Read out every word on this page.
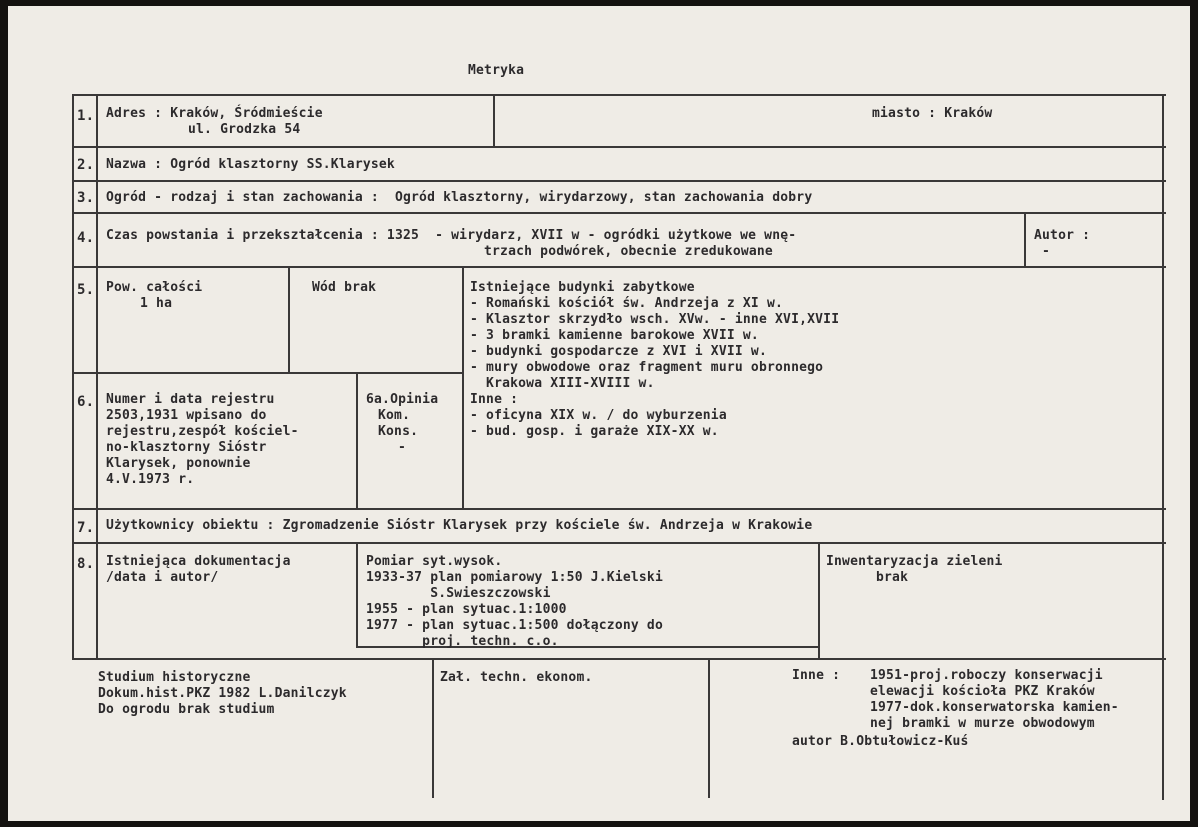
Metryka
1. Adres : Kraków, Śródmieście
ul. Grodzka 54
miasto : Kraków
2. Nazwa : Ogród klasztorny SS.Klarysek
3. Ogród - rodzaj i stan zachowania :  Ogród klasztorny, wirydarzowy, stan zachowania dobry
4. Czas powstania i przekształcenia : 1325  - wirydarz, XVII w - ogródki użytkowe we wnę-
trzach podwórek, obecnie zredukowane
Autor :
-
5. Pow. całości
1 ha
Wód brak	Istniejące budynki zabytkowe
- Romański kościół św. Andrzeja z XI w.
- Klasztor skrzydło wsch. XVw. - inne XVI,XVII
- 3 bramki kamienne barokowe XVII w.
- budynki gospodarcze z XVI i XVII w.
- mury obwodowe oraz fragment muru obronnego
Krakowa XIII-XVIII w.
Inne :
- oficyna XIX w. / do wyburzenia
- bud. gosp. i garaże XIX-XX w.
6. Numer i data rejestru
2503,1931 wpisano do
rejestru,zespół kościel-
no-klasztorny Sióstr
Klarysek, ponownie
4.V.1973 r.
6a.Opinia
Kom.
Kons.
-
7. Użytkownicy obiektu : Zgromadzenie Sióstr Klarysek przy kościele św. Andrzeja w Krakowie
8. Istniejąca dokumentacja
/data i autor/
Pomiar syt.wysok.
1933-37 plan pomiarowy 1:50 J.Kielski
S.Swieszczowski
1955 - plan sytuac.1:1000
1977 - plan sytuac.1:500 dołączony do
proj. techn. c.o.
Inwentaryzacja zieleni
brak
Studium historyczne
Dokum.hist.PKZ 1982 L.Danilczyk
Do ogrodu brak studium
Zał. techn. ekonom.	Inne : 1951-proj.roboczy konserwacji
elewacji kościoła PKZ Kraków
1977-dok.konserwatorska kamien-
nej bramki w murze obwodowym
autor B.Obtułowicz-Kuś
